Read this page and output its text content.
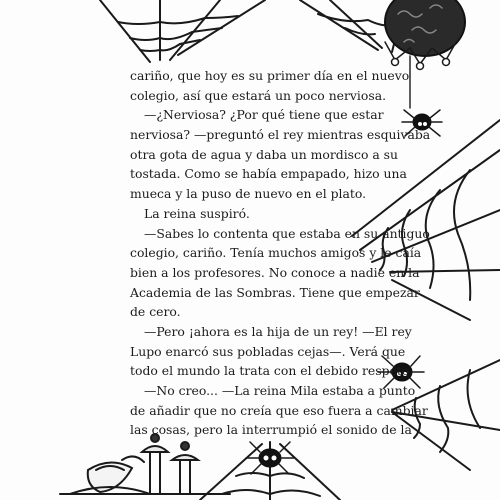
cariño, que hoy es su primer día en el nuevo
colegio, así que estará un poco nerviosa.
—¿Nerviosa? ¿Por qué tiene que estar
nerviosa? —preguntó el rey mientras esquivaba
otra gota de agua y daba un mordisco a su
tostada. Como se había empapado, hizo una
mueca y la puso de nuevo en el plato.
La reina suspiró.
—Sabes lo contenta que estaba en su antiguo
colegio, cariño. Tenía muchos amigos y le caía
bien a los profesores. No conoce a nadie en la
Academia de las Sombras. Tiene que empezar
de cero.
—Pero ¡ahora es la hija de un rey! —El rey
Lupo enarcó sus pobladas cejas—. Verá que
todo el mundo la trata con el debido respeto.
—No creo... —La reina Mila estaba a punto
de añadir que no creía que eso fuera a cambiar
las cosas, pero la interrumpió el sonido de la
